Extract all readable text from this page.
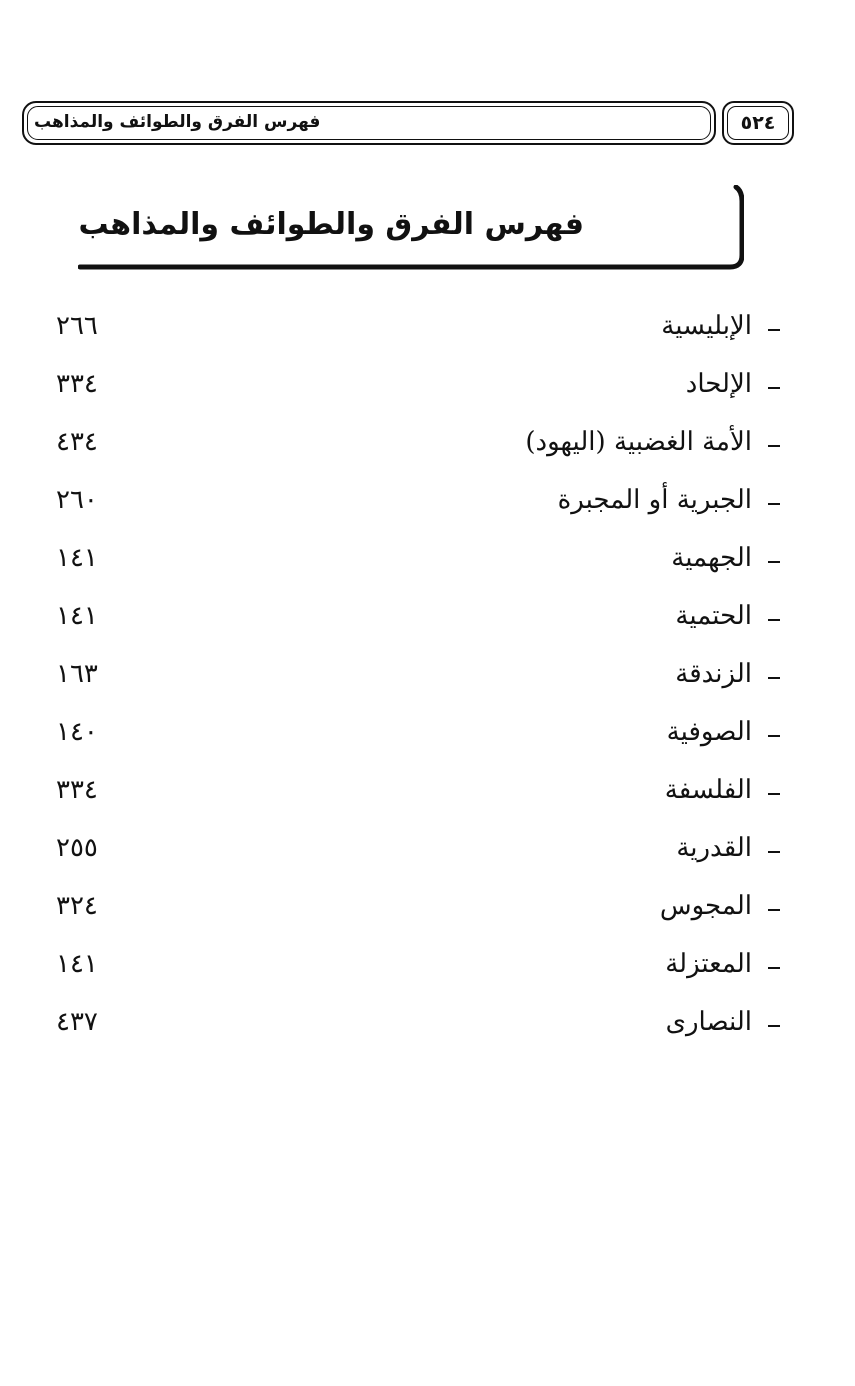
فهرس الفرق والطوائف والمذاهب	٥٢٤
فهرس الفرق والطوائف والمذاهب
الإبليسية
٢٦٦
الإلحاد
٣٣٤
الأمة الغضبية (اليهود)
٤٣٤
الجبرية أو المجبرة
٢٦٠
الجهمية
١٤١
الحتمية
١٤١
الزندقة
١٦٣
الصوفية
١٤٠
الفلسفة
٣٣٤
القدرية
٢٥٥
المجوس
٣٢٤
المعتزلة
١٤١
النصارى
٤٣٧
